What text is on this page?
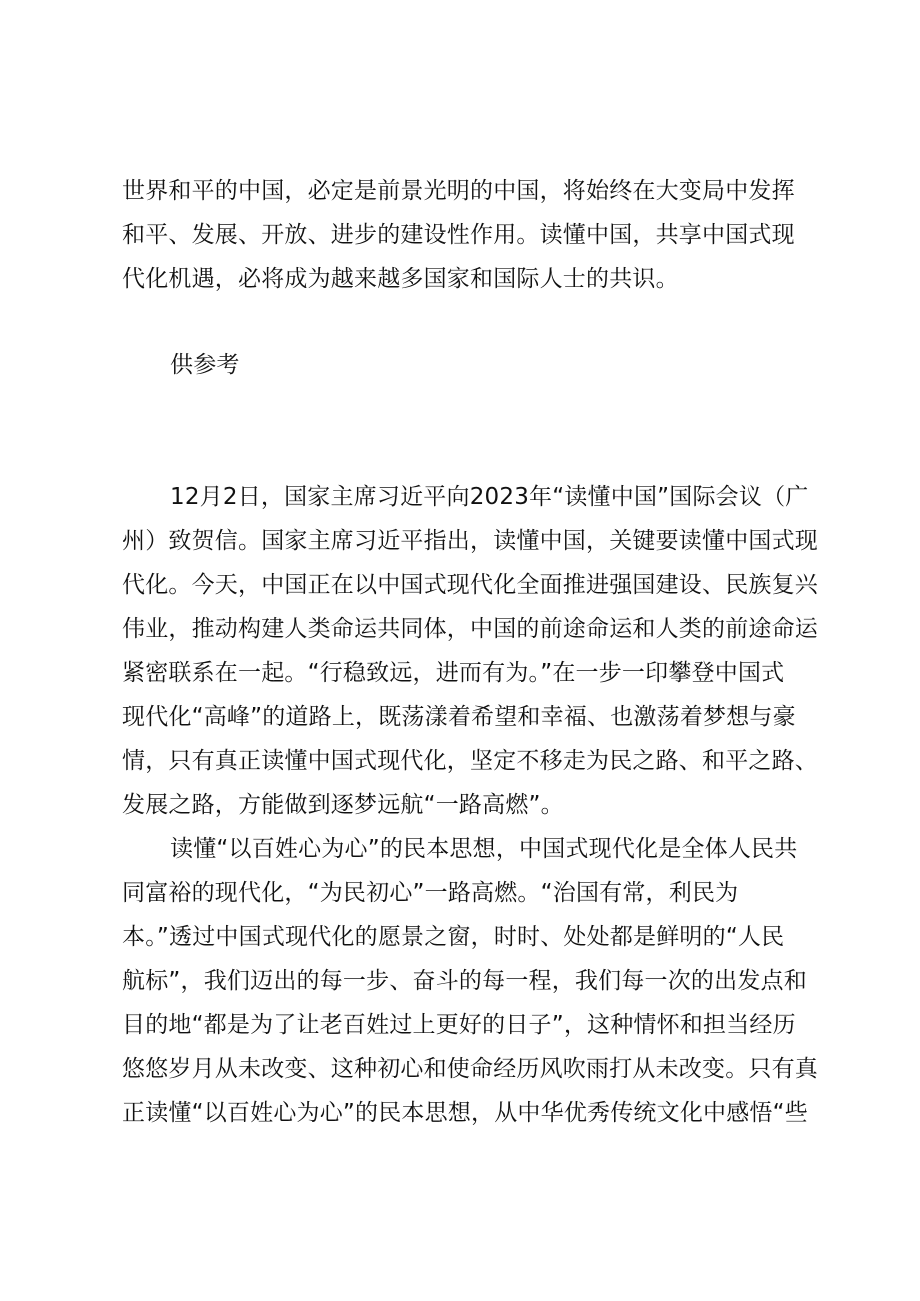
世界和平的中国，必定是前景光明的中国，将始终在大变局中发挥
和平、发展、开放、进步的建设性作用。读懂中国，共享中国式现
代化机遇，必将成为越来越多国家和国际人士的共识。
供参考
12月2日，国家主席习近平向2023年“读懂中国”国际会议（广
州）致贺信。国家主席习近平指出，读懂中国，关键要读懂中国式现
代化。今天，中国正在以中国式现代化全面推进强国建设、民族复兴
伟业，推动构建人类命运共同体，中国的前途命运和人类的前途命运
紧密联系在一起。“行稳致远，进而有为。”在一步一印攀登中国式
现代化“高峰”的道路上，既荡漾着希望和幸福、也激荡着梦想与豪
情，只有真正读懂中国式现代化，坚定不移走为民之路、和平之路、
发展之路，方能做到逐梦远航“一路高燃”。
读懂“以百姓心为心”的民本思想，中国式现代化是全体人民共
同富裕的现代化，“为民初心”一路高燃。“治国有常，利民为
本。”透过中国式现代化的愿景之窗，时时、处处都是鲜明的“人民
航标”，我们迈出的每一步、奋斗的每一程，我们每一次的出发点和
目的地“都是为了让老百姓过上更好的日子”，这种情怀和担当经历
悠悠岁月从未改变、这种初心和使命经历风吹雨打从未改变。只有真
正读懂“以百姓心为心”的民本思想，从中华优秀传统文化中感悟“些
